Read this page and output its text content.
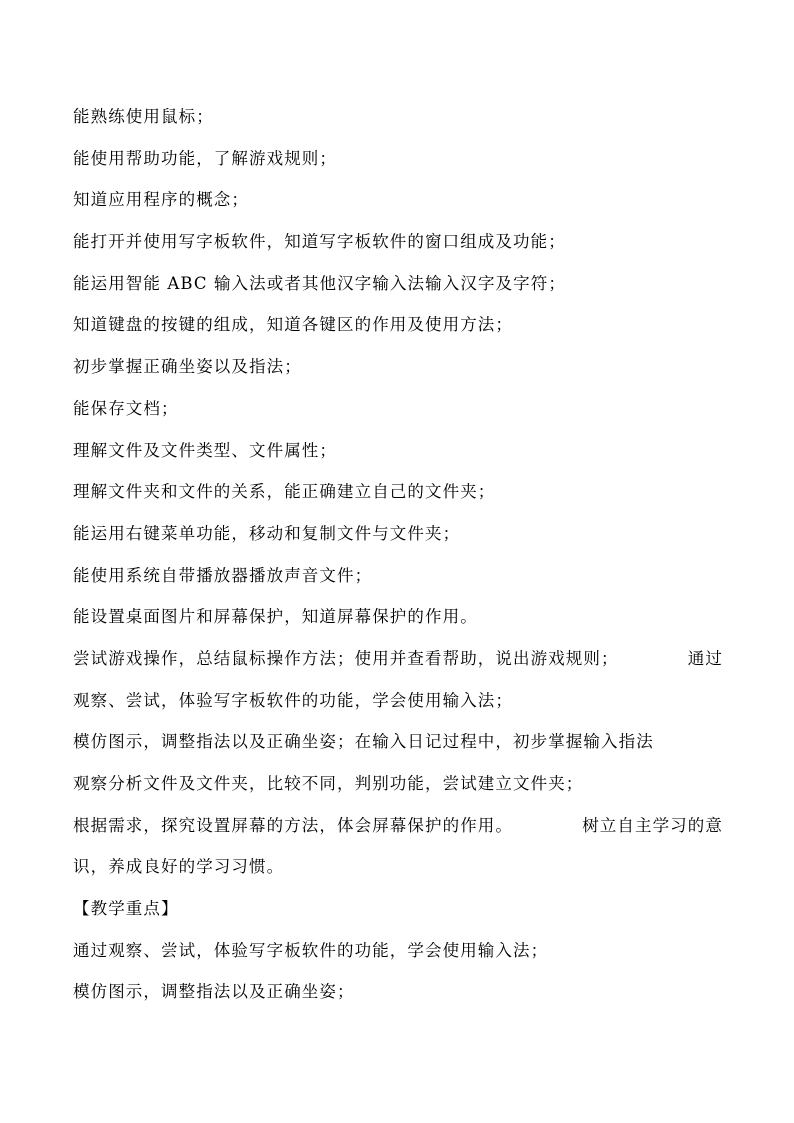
能熟练使用鼠标；
能使用帮助功能，了解游戏规则；
知道应用程序的概念；
能打开并使用写字板软件，知道写字板软件的窗口组成及功能；
能运用智能 ABC 输入法或者其他汉字输入法输入汉字及字符；
知道键盘的按键的组成，知道各键区的作用及使用方法；
初步掌握正确坐姿以及指法；
能保存文档；
理解文件及文件类型、文件属性；
理解文件夹和文件的关系，能正确建立自己的文件夹；
能运用右键菜单功能，移动和复制文件与文件夹；
能使用系统自带播放器播放声音文件；
能设置桌面图片和屏幕保护，知道屏幕保护的作用。
尝试游戏操作，总结鼠标操作方法；使用并查看帮助，说出游戏规则；	通过
观察、尝试，体验写字板软件的功能，学会使用输入法；
模仿图示，调整指法以及正确坐姿；在输入日记过程中，初步掌握输入指法
观察分析文件及文件夹，比较不同，判别功能，尝试建立文件夹；
根据需求，探究设置屏幕的方法，体会屏幕保护的作用。	树立自主学习的意
识，养成良好的学习习惯。
【教学重点】
通过观察、尝试，体验写字板软件的功能，学会使用输入法；
模仿图示，调整指法以及正确坐姿；
